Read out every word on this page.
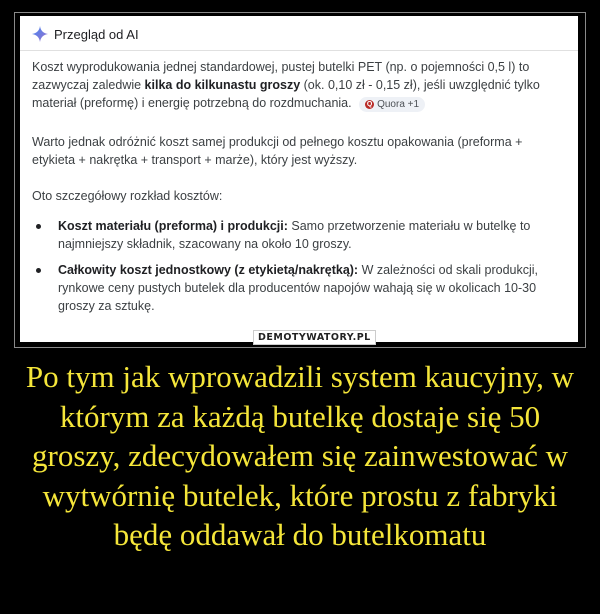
Przegląd od AI

Koszt wyprodukowania jednej standardowej, pustej butelki PET (np. o pojemności 0,5 l) to zazwyczaj zaledwie kilka do kilkunastu groszy (ok. 0,10 zł - 0,15 zł), jeśli uwzględnić tylko materiał (preformę) i energię potrzebną do rozdmuchania. Q Quora +1

Warto jednak odróżnić koszt samej produkcji od pełnego kosztu opakowania (preforma + etykieta + nakrętka + transport + marże), który jest wyższy.

Oto szczegółowy rozkład kosztów:

Koszt materiału (preforma) i produkcji: Samo przetworzenie materiału w butelkę to najmniejszy składnik, szacowany na około 10 groszy.
Całkowity koszt jednostkowy (z etykietą/nakrętką): W zależności od skali produkcji, rynkowe ceny pustych butelek dla producentów napojów wahają się w okolicach 10-30 groszy za sztukę.
DEMOTYWATORY.PL
Po tym jak wprowadzili system kaucyjny, w którym za każdą butelkę dostaje się 50 groszy, zdecydowałem się zainwestować w wytwórnię butelek, które prostu z fabryki będę oddawał do butelkomatu
